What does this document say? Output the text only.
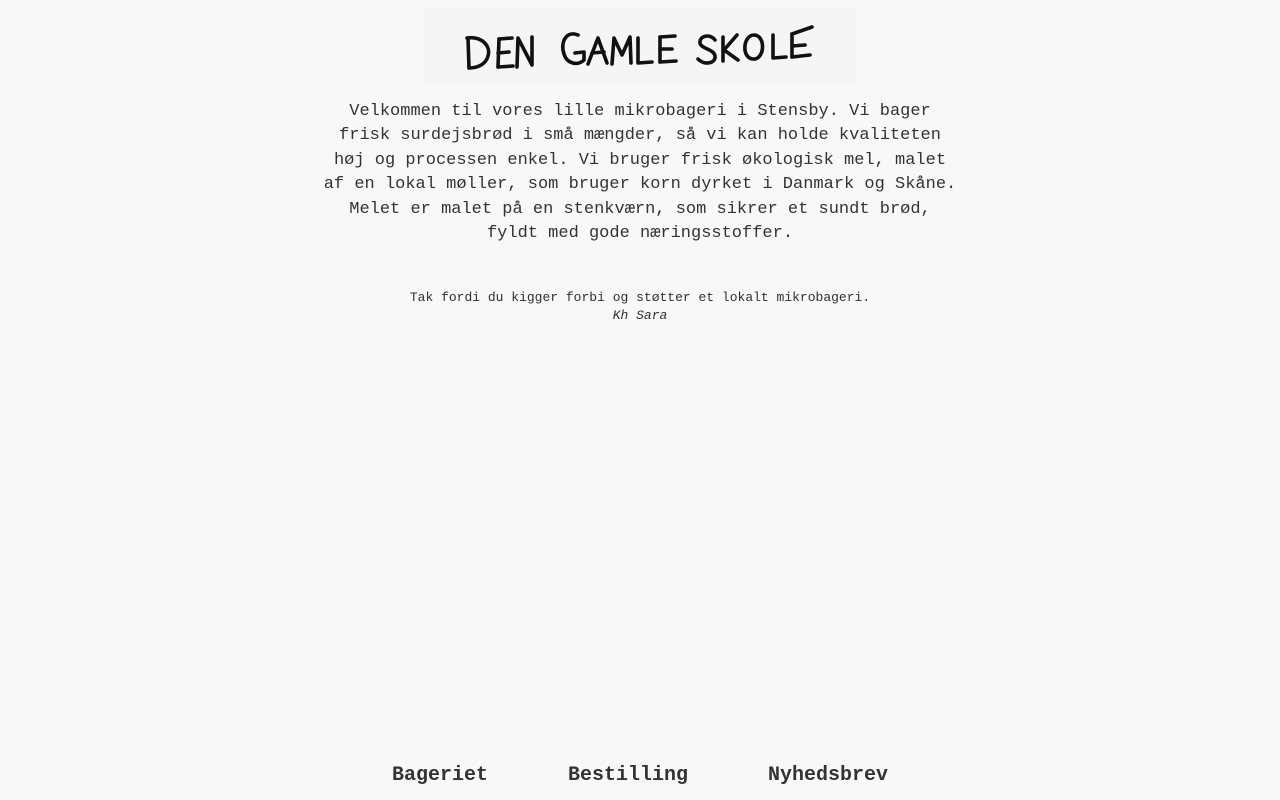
Velkommen til vores lille mikrobageri i Stensby. Vi bager frisk surdejsbrød i små mængder, så vi kan holde kvaliteten høj og processen enkel. Vi bruger frisk økologisk mel, malet af en lokal møller, som bruger korn dyrket i Danmark og Skåne. Melet er malet på en stenkværn, som sikrer et sundt brød, fyldt med gode næringsstoffer.

Tak fordi du kigger forbi og støtter et lokalt mikrobageri.
Kh Sara
Bageriet	Bestilling	Nyhedsbrev
